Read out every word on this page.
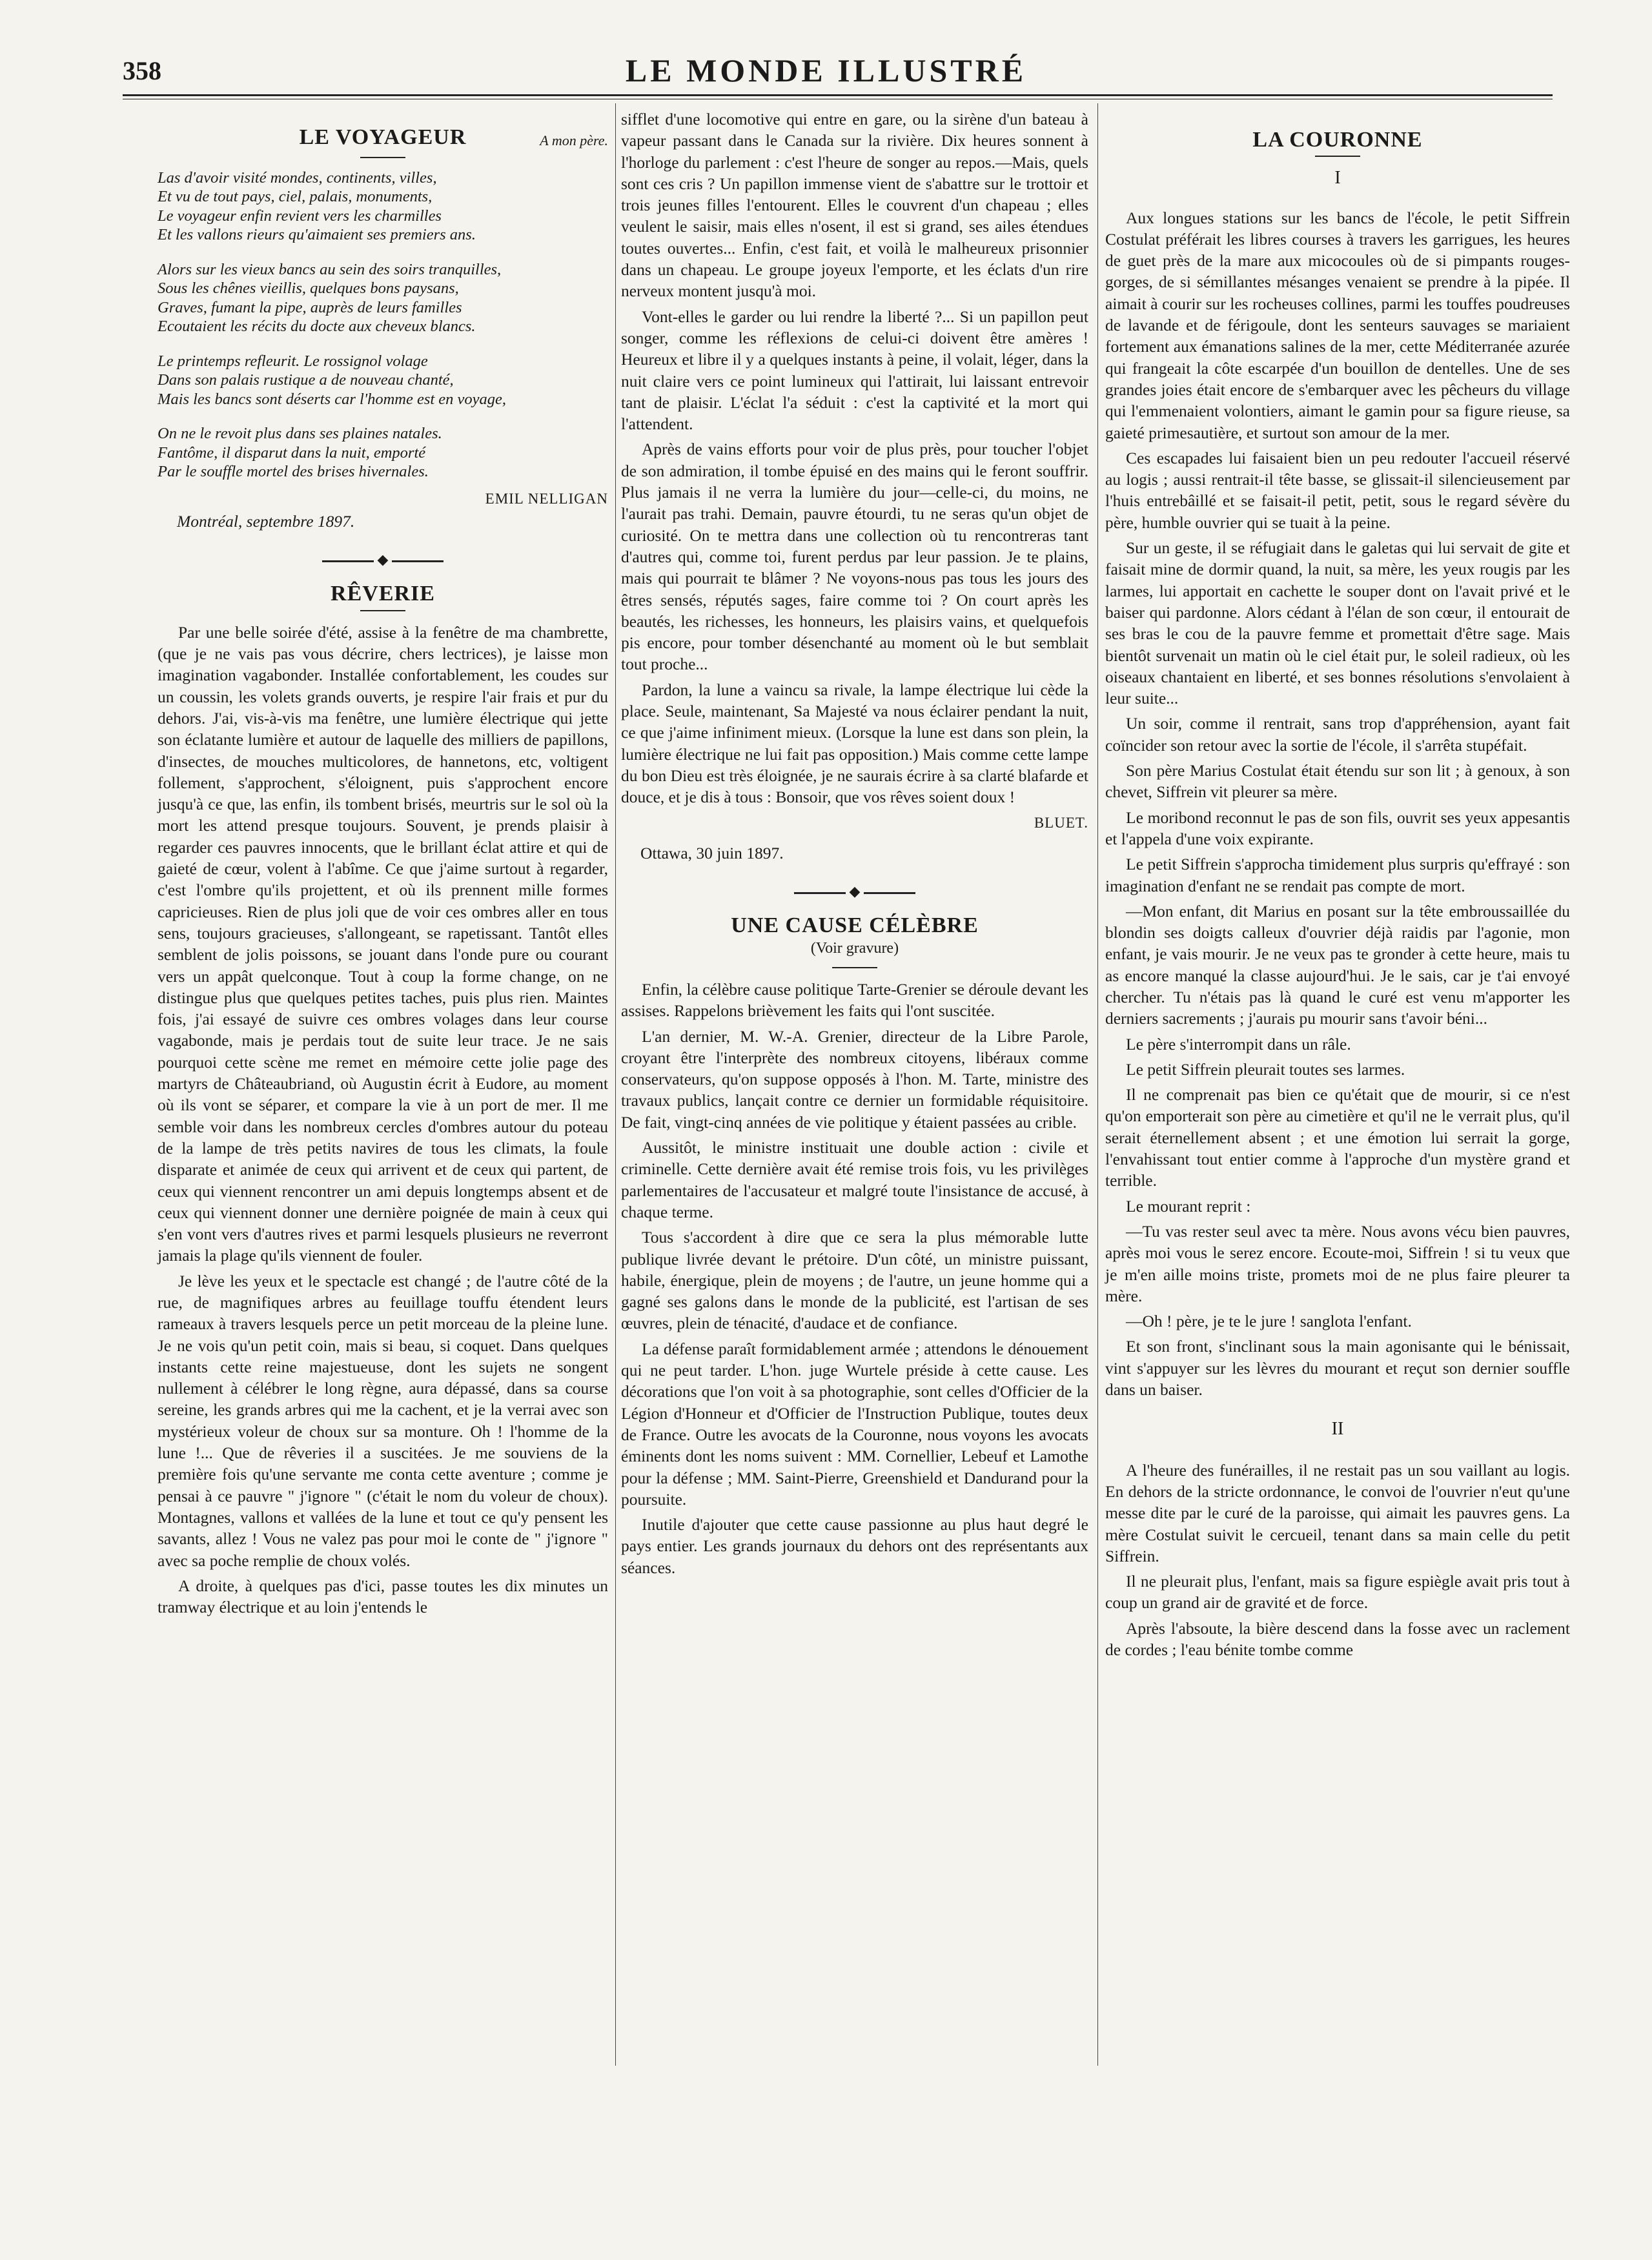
358	LE MONDE ILLUSTRÉ
LE VOYAGEUR	A mon père.
Las d'avoir visité mondes, continents, villes,
Et vu de tout pays, ciel, palais, monuments,
Le voyageur enfin revient vers les charmilles
Et les vallons rieurs qu'aimaient ses premiers ans.
Alors sur les vieux bancs au sein des soirs tranquilles,
Sous les chênes vieillis, quelques bons paysans,
Graves, fumant la pipe, auprès de leurs familles
Ecoutaient les récits du docte aux cheveux blancs.
Le printemps refleurit. Le rossignol volage
Dans son palais rustique a de nouveau chanté,
Mais les bancs sont déserts car l'homme est en voyage,
On ne le revoit plus dans ses plaines natales.
Fantôme, il disparut dans la nuit, emporté
Par le souffle mortel des brises hivernales.
EMIL NELLIGAN
Montréal, septembre 1897.
◆
RÊVERIE
Par une belle soirée d'été, assise à la fenêtre de ma chambrette, (que je ne vais pas vous décrire, chers lectrices), je laisse mon imagination vagabonder. Installée confortablement, les coudes sur un coussin, les volets grands ouverts, je respire l'air frais et pur du dehors. J'ai, vis-à-vis ma fenêtre, une lumière électrique qui jette son éclatante lumière et autour de laquelle des milliers de papillons, d'insectes, de mouches multicolores, de hannetons, etc, voltigent follement, s'approchent, s'éloignent, puis s'approchent encore jusqu'à ce que, las enfin, ils tombent brisés, meurtris sur le sol où la mort les attend presque toujours. Souvent, je prends plaisir à regarder ces pauvres innocents, que le brillant éclat attire et qui de gaieté de cœur, volent à l'abîme. Ce que j'aime surtout à regarder, c'est l'ombre qu'ils projettent, et où ils prennent mille formes capricieuses. Rien de plus joli que de voir ces ombres aller en tous sens, toujours gracieuses, s'allongeant, se rapetissant. Tantôt elles semblent de jolis poissons, se jouant dans l'onde pure ou courant vers un appât quelconque. Tout à coup la forme change, on ne distingue plus que quelques petites taches, puis plus rien. Maintes fois, j'ai essayé de suivre ces ombres volages dans leur course vagabonde, mais je perdais tout de suite leur trace. Je ne sais pourquoi cette scène me remet en mémoire cette jolie page des martyrs de Châteaubriand, où Augustin écrit à Eudore, au moment où ils vont se séparer, et compare la vie à un port de mer. Il me semble voir dans les nombreux cercles d'ombres autour du poteau de la lampe de très petits navires de tous les climats, la foule disparate et animée de ceux qui arrivent et de ceux qui partent, de ceux qui viennent rencontrer un ami depuis longtemps absent et de ceux qui viennent donner une dernière poignée de main à ceux qui s'en vont vers d'autres rives et parmi lesquels plusieurs ne reverront jamais la plage qu'ils viennent de fouler.
Je lève les yeux et le spectacle est changé ; de l'autre côté de la rue, de magnifiques arbres au feuillage touffu étendent leurs rameaux à travers lesquels perce un petit morceau de la pleine lune. Je ne vois qu'un petit coin, mais si beau, si coquet. Dans quelques instants cette reine majestueuse, dont les sujets ne songent nullement à célébrer le long règne, aura dépassé, dans sa course sereine, les grands arbres qui me la cachent, et je la verrai avec son mystérieux voleur de choux sur sa monture. Oh ! l'homme de la lune !... Que de rêveries il a suscitées. Je me souviens de la première fois qu'une servante me conta cette aventure ; comme je pensai à ce pauvre " j'ignore " (c'était le nom du voleur de choux). Montagnes, vallons et vallées de la lune et tout ce qu'y pensent les savants, allez ! Vous ne valez pas pour moi le conte de " j'ignore " avec sa poche remplie de choux volés.
A droite, à quelques pas d'ici, passe toutes les dix minutes un tramway électrique et au loin j'entends le
sifflet d'une locomotive qui entre en gare, ou la sirène d'un bateau à vapeur passant dans le Canada sur la rivière. Dix heures sonnent à l'horloge du parlement : c'est l'heure de songer au repos.—Mais, quels sont ces cris ? Un papillon immense vient de s'abattre sur le trottoir et trois jeunes filles l'entourent. Elles le couvrent d'un chapeau ; elles veulent le saisir, mais elles n'osent, il est si grand, ses ailes étendues toutes ouvertes... Enfin, c'est fait, et voilà le malheureux prisonnier dans un chapeau. Le groupe joyeux l'emporte, et les éclats d'un rire nerveux montent jusqu'à moi.
Vont-elles le garder ou lui rendre la liberté ?... Si un papillon peut songer, comme les réflexions de celui-ci doivent être amères ! Heureux et libre il y a quelques instants à peine, il volait, léger, dans la nuit claire vers ce point lumineux qui l'attirait, lui laissant entrevoir tant de plaisir. L'éclat l'a séduit : c'est la captivité et la mort qui l'attendent.
Après de vains efforts pour voir de plus près, pour toucher l'objet de son admiration, il tombe épuisé en des mains qui le feront souffrir. Plus jamais il ne verra la lumière du jour—celle-ci, du moins, ne l'aurait pas trahi. Demain, pauvre étourdi, tu ne seras qu'un objet de curiosité. On te mettra dans une collection où tu rencontreras tant d'autres qui, comme toi, furent perdus par leur passion. Je te plains, mais qui pourrait te blâmer ? Ne voyons-nous pas tous les jours des êtres sensés, réputés sages, faire comme toi ? On court après les beautés, les richesses, les honneurs, les plaisirs vains, et quelquefois pis encore, pour tomber désenchanté au moment où le but semblait tout proche...
Pardon, la lune a vaincu sa rivale, la lampe électrique lui cède la place. Seule, maintenant, Sa Majesté va nous éclairer pendant la nuit, ce que j'aime infiniment mieux. (Lorsque la lune est dans son plein, la lumière électrique ne lui fait pas opposition.) Mais comme cette lampe du bon Dieu est très éloignée, je ne saurais écrire à sa clarté blafarde et douce, et je dis à tous : Bonsoir, que vos rêves soient doux !
BLUET.
Ottawa, 30 juin 1897.
◆
UNE CAUSE CÉLÈBRE
(Voir gravure)
Enfin, la célèbre cause politique Tarte-Grenier se déroule devant les assises. Rappelons brièvement les faits qui l'ont suscitée.
L'an dernier, M. W.-A. Grenier, directeur de la Libre Parole, croyant être l'interprète des nombreux citoyens, libéraux comme conservateurs, qu'on suppose opposés à l'hon. M. Tarte, ministre des travaux publics, lançait contre ce dernier un formidable réquisitoire. De fait, vingt-cinq années de vie politique y étaient passées au crible.
Aussitôt, le ministre instituait une double action : civile et criminelle. Cette dernière avait été remise trois fois, vu les privilèges parlementaires de l'accusateur et malgré toute l'insistance de accusé, à chaque terme.
Tous s'accordent à dire que ce sera la plus mémorable lutte publique livrée devant le prétoire. D'un côté, un ministre puissant, habile, énergique, plein de moyens ; de l'autre, un jeune homme qui a gagné ses galons dans le monde de la publicité, est l'artisan de ses œuvres, plein de ténacité, d'audace et de confiance.
La défense paraît formidablement armée ; attendons le dénouement qui ne peut tarder. L'hon. juge Wurtele préside à cette cause. Les décorations que l'on voit à sa photographie, sont celles d'Officier de la Légion d'Honneur et d'Officier de l'Instruction Publique, toutes deux de France. Outre les avocats de la Couronne, nous voyons les avocats éminents dont les noms suivent : MM. Cornellier, Lebeuf et Lamothe pour la défense ; MM. Saint-Pierre, Greenshield et Dandurand pour la poursuite.
Inutile d'ajouter que cette cause passionne au plus haut degré le pays entier. Les grands journaux du dehors ont des représentants aux séances.
LA COURONNE
I
Aux longues stations sur les bancs de l'école, le petit Siffrein Costulat préférait les libres courses à travers les garrigues, les heures de guet près de la mare aux micocoules où de si pimpants rouges-gorges, de si sémillantes mésanges venaient se prendre à la pipée. Il aimait à courir sur les rocheuses collines, parmi les touffes poudreuses de lavande et de férigoule, dont les senteurs sauvages se mariaient fortement aux émanations salines de la mer, cette Méditerranée azurée qui frangeait la côte escarpée d'un bouillon de dentelles. Une de ses grandes joies était encore de s'embarquer avec les pêcheurs du village qui l'emmenaient volontiers, aimant le gamin pour sa figure rieuse, sa gaieté primesautière, et surtout son amour de la mer.
Ces escapades lui faisaient bien un peu redouter l'accueil réservé au logis ; aussi rentrait-il tête basse, se glissait-il silencieusement par l'huis entrebâillé et se faisait-il petit, petit, sous le regard sévère du père, humble ouvrier qui se tuait à la peine.
Sur un geste, il se réfugiait dans le galetas qui lui servait de gite et faisait mine de dormir quand, la nuit, sa mère, les yeux rougis par les larmes, lui apportait en cachette le souper dont on l'avait privé et le baiser qui pardonne. Alors cédant à l'élan de son cœur, il entourait de ses bras le cou de la pauvre femme et promettait d'être sage. Mais bientôt survenait un matin où le ciel était pur, le soleil radieux, où les oiseaux chantaient en liberté, et ses bonnes résolutions s'envolaient à leur suite...
Un soir, comme il rentrait, sans trop d'appréhension, ayant fait coïncider son retour avec la sortie de l'école, il s'arrêta stupéfait.
Son père Marius Costulat était étendu sur son lit ; à genoux, à son chevet, Siffrein vit pleurer sa mère.
Le moribond reconnut le pas de son fils, ouvrit ses yeux appesantis et l'appela d'une voix expirante.
Le petit Siffrein s'approcha timidement plus surpris qu'effrayé : son imagination d'enfant ne se rendait pas compte de mort.
—Mon enfant, dit Marius en posant sur la tête embroussaillée du blondin ses doigts calleux d'ouvrier déjà raidis par l'agonie, mon enfant, je vais mourir. Je ne veux pas te gronder à cette heure, mais tu as encore manqué la classe aujourd'hui. Je le sais, car je t'ai envoyé chercher. Tu n'étais pas là quand le curé est venu m'apporter les derniers sacrements ; j'aurais pu mourir sans t'avoir béni...
Le père s'interrompit dans un râle.
Le petit Siffrein pleurait toutes ses larmes.
Il ne comprenait pas bien ce qu'était que de mourir, si ce n'est qu'on emporterait son père au cimetière et qu'il ne le verrait plus, qu'il serait éternellement absent ; et une émotion lui serrait la gorge, l'envahissant tout entier comme à l'approche d'un mystère grand et terrible.
Le mourant reprit :
—Tu vas rester seul avec ta mère. Nous avons vécu bien pauvres, après moi vous le serez encore. Ecoute-moi, Siffrein ! si tu veux que je m'en aille moins triste, promets moi de ne plus faire pleurer ta mère.
—Oh ! père, je te le jure ! sanglota l'enfant.
Et son front, s'inclinant sous la main agonisante qui le bénissait, vint s'appuyer sur les lèvres du mourant et reçut son dernier souffle dans un baiser.
II
A l'heure des funérailles, il ne restait pas un sou vaillant au logis. En dehors de la stricte ordonnance, le convoi de l'ouvrier n'eut qu'une messe dite par le curé de la paroisse, qui aimait les pauvres gens. La mère Costulat suivit le cercueil, tenant dans sa main celle du petit Siffrein.
Il ne pleurait plus, l'enfant, mais sa figure espiègle avait pris tout à coup un grand air de gravité et de force.
Après l'absoute, la bière descend dans la fosse avec un raclement de cordes ; l'eau bénite tombe comme
